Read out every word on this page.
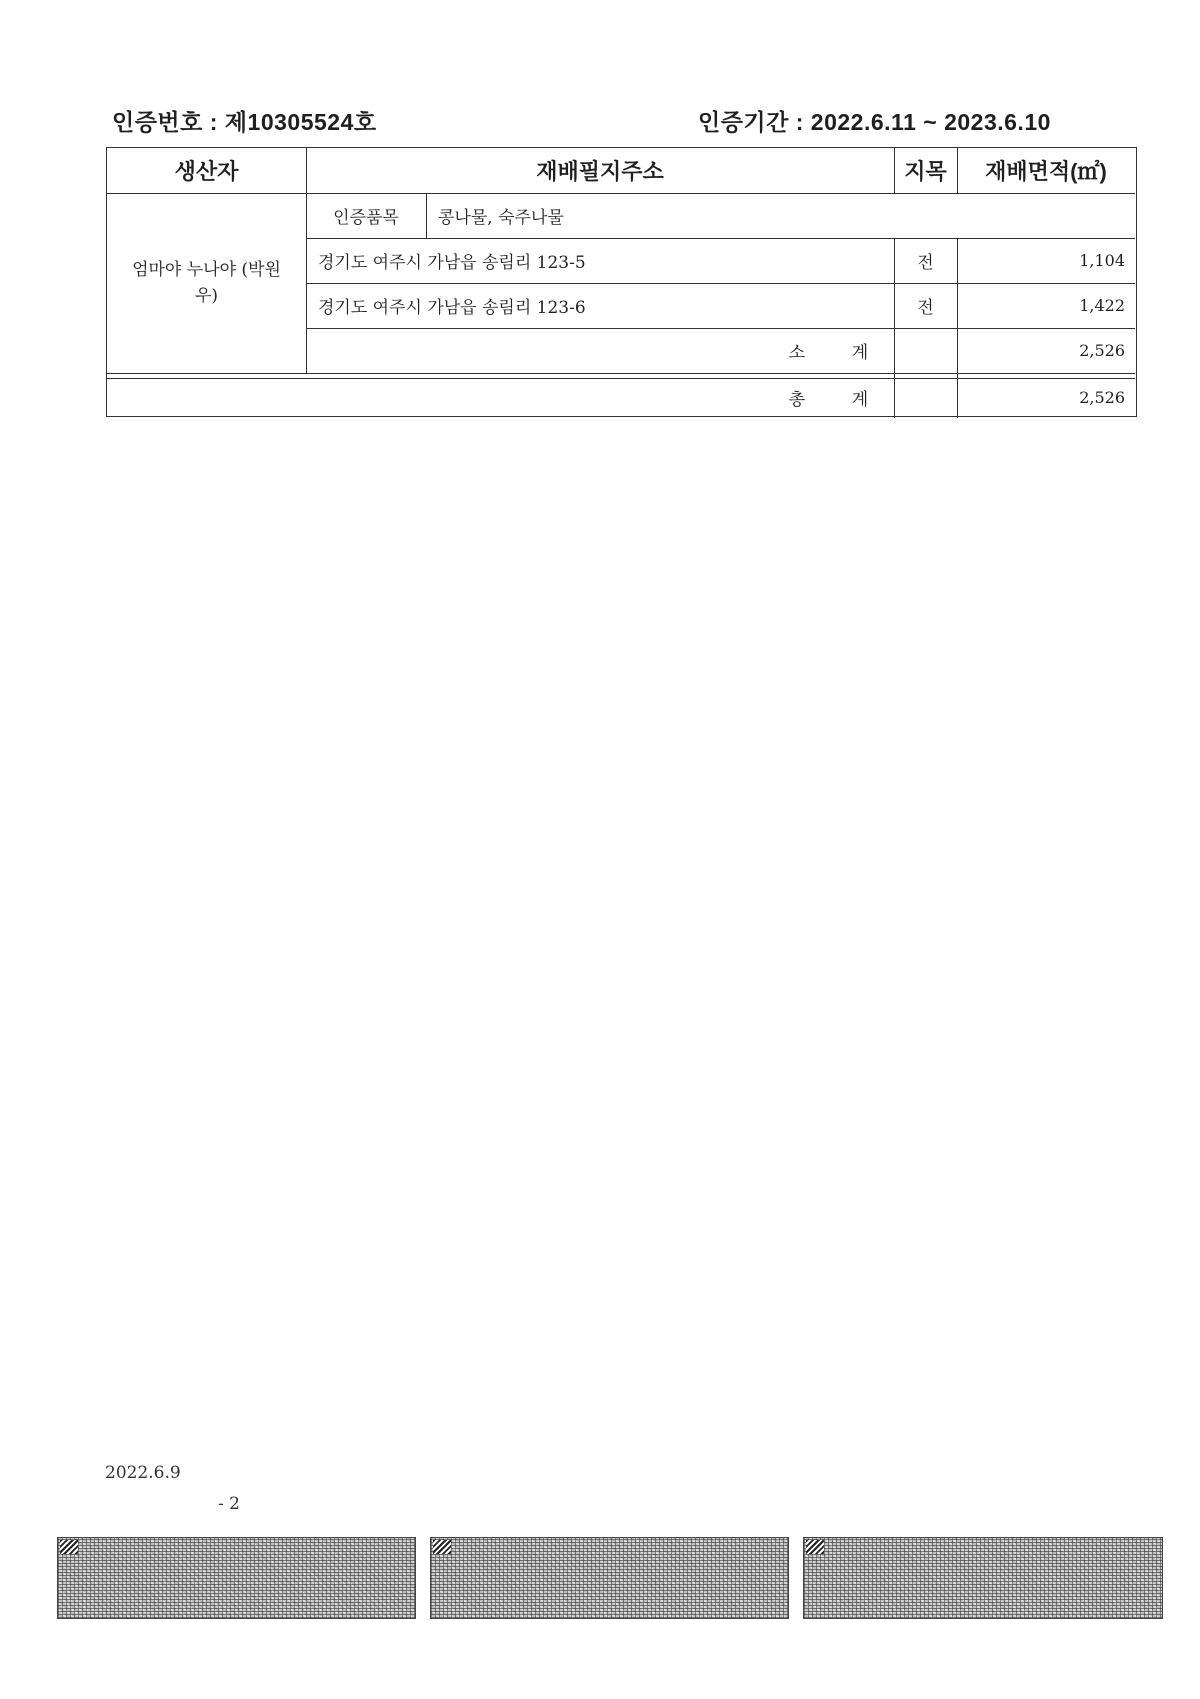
인증번호 : 제10305524호	인증기간 : 2022.6.11 ~ 2023.6.10
생산자	재배필지주소	지목	재배면적(㎡)
엄마야 누나야 (박원
우)
인증품목	콩나물, 숙주나물
경기도 여주시 가남읍 송림리 123-5	전	1,104
경기도 여주시 가남읍 송림리 123-6	전	1,422
소	계	2,526
총	계	2,526
2022.6.9
- 2
